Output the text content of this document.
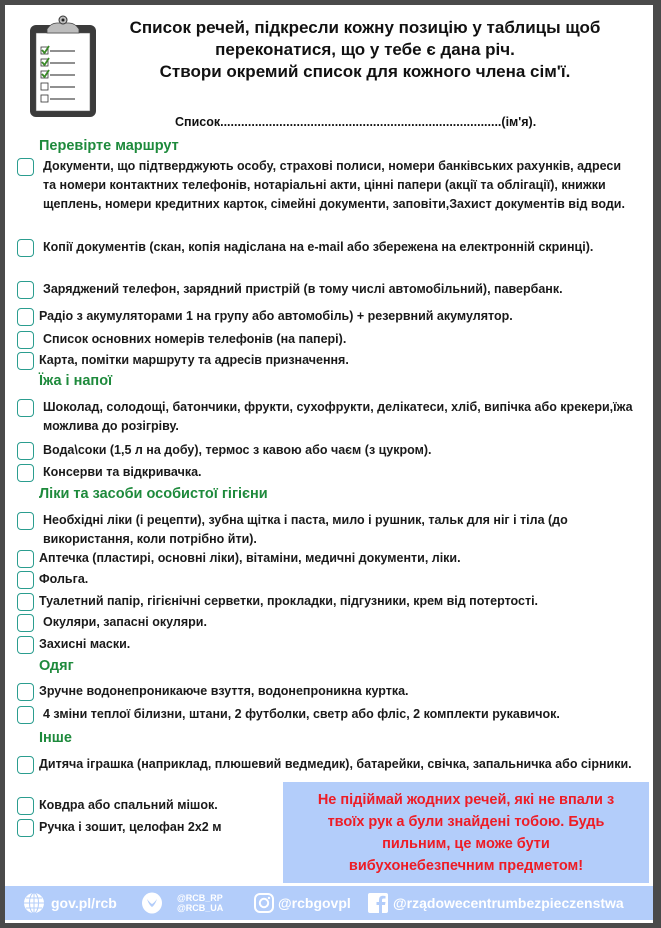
Список речей, підкресли кожну позицію у таблицы щоб
переконатися, що у тебе є дана річ.
Створи окремий список для кожного члена сім'ї.
Список.................................................................................(ім'я).
Перевірте маршрут
Документи, що підтверджують особу, страхові полиси, номери банківських рахунків, адреси та номери контактних телефонів, нотаріальні акти, цінні папери (акції та облігації), книжки щеплень, номери кредитних карток, сімейні документи, заповіти,Захист документів від води.
Копії документів (скан, копія надіслана на e-mail або збережена на електронній скринці).
Заряджений телефон, зарядний пристрій (в тому числі автомобільний), павербанк.
Радіо з акумуляторами 1 на групу або автомобіль) + резервний акумулятор.
Список основних номерів телефонів (на папері).
Карта, помітки маршруту та адресів призначення.
Їжа і напої
Шоколад, солодощі, батончики, фрукти, сухофрукти, делікатеси, хліб, випічка або крекери,їжа можлива до розігріву.
Вода\соки (1,5 л на добу), термос з кавою або чаєм (з цукром).
Консерви та відкривачка.
Ліки та засоби особистої гігієни
Необхідні ліки (і рецепти), зубна щітка і паста, мило і рушник, тальк для ніг і тіла (до використання, коли потрібно йти).
Аптечка (пластирі, основні ліки), вітаміни, медичні документи, ліки.
Фольга.
Туалетний папір, гігієнічні серветки, прокладки, підгузники, крем від потертості.
Окуляри, запасні окуляри.
Захисні маски.
Одяг
Зручне водонепроникаюче взуття, водонепроникна куртка.
4 зміни теплої білизни, штани, 2 футболки, светр або фліс, 2 комплекти рукавичок.
Інше
Дитяча іграшка (наприклад, плюшевий ведмедик), батарейки, свічка, запальничка або сірники.
Ковдра або спальний мішок.
Ручка і зошит, целофан 2x2 м
Не підіймай жодних речей, які не впали з твоїх рук а були знайдені тобою. Будь пильним, це може бути вибухонебезпечним предметом!
gov.pl/rcb	@RCB_RP
@RCB_UA	@rcbgovpl	@rządowecentrumbezpieczenstwa
